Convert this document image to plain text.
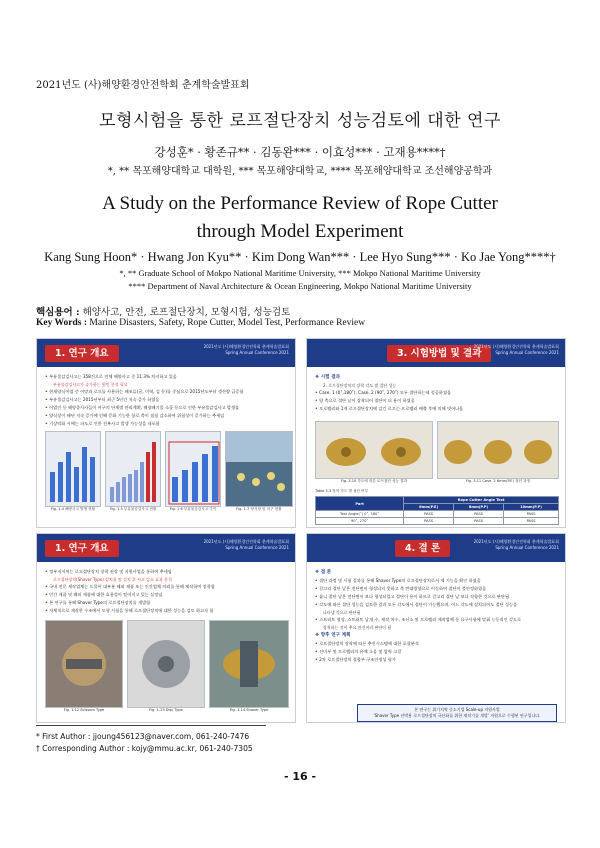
2021년도 (사)해양환경안전학회 춘계학술발표회
모형시험을 통한 로프절단장치 성능검토에 대한 연구
강성훈* · 황존규** · 김동완*** · 이효성*** · 고재용****†
*, ** 목포해양대학교 대학원, *** 목포해양대학교, **** 목포해양대학교 조선해양공학과
A Study on the Performance Review of Rope Cutter
through Model Experiment
Kang Sung Hoon* · Hwang Jon Kyu** · Kim Dong Wan*** · Lee Hyo Sung*** · Ko Jae Yong****†
*, ** Graduate School of Mokpo National Maritime University, *** Mokpo National Maritime University
**** Department of Naval Architecture & Ocean Engineering, Mokpo National Maritime University
핵심용어 : 해양사고, 안전, 로프절단장치, 모형시험, 성능검토
Key Words : Marine Disasters, Safety, Rope Cutter, Model Test, Performance Review
1. 연구 개요
2021년도 (사)해양환경안전학회 춘계학술발표회
Spring Annual Conference 2021
• 부유물감김사고는 358건으로 전체 해양사고 중 11.3% 차지하고 있음
부유물감김사고가 증가하는 원인 분석 필요
• 현재양식어업 중 어망과 로프를 사용하는 해조류(굴, 미역, 김 등)를 중심으로 2015년도부터 생산량 급증함
• 부유물감김사고는 2015년부터 최근 5년간 지속 증가 하였음
• 어업인 등 해양종사자들이 어구의 단계별 관리계획, 해양폐기물 소홀 등으로 인한 부유물감김사고 발생률
• 양식장이 해년 지속 증가에 인해 문화 기능한 항로 축이 점점 감소하여 위험성이 증가하는 추세임
• 기상악화 시에는 파도로 인한 전복사고 발생 가능성을 내포함
Fig. 1.4 해양사고 발생 현황	Fig. 1.5 부유물감김사고 현황	Fig. 1.6 부유물감김사고 추이	Fig. 1.7 양식장 및 어구 현황
3. 시험방법 및 결과
2021년도 (사)해양환경안전학회 춘계학술발표회
Spring Annual Conference 2021
❖ 시험 결과
2. 로프절단장치의 장착 각도 별 절단 성능
• Case. 1 (0˚,180˚), Case. 2 (90˚, 270˚) 모두 절단하는데 성공하였음
• 양 축으로 절단 날이 장착되어 절단이 더 용이 하였음
• 프로펠러와 1개 로프절단장치에 감긴 로프는 프로펠러 배출 후에 의해 빗어나옴
Fig. 3.10 각도에 따른 로프절단 성능 결과	Fig. 3.11 Case. 2 6mm(P.E) 절단 과정
Table 3.3 장착 각도 별 절단 여부
Part	Rope Cutter Angle Test		
	6mm(P.E)	8mm(P.P)	10mm(P.P)
Test Angle(˚) 0˚, 180˚	PASS	PASS	PASS
90˚, 270˚	PASS	PASS	PASS
1. 연구 개요
2021년도 (사)해양환경안전학회 춘계학술발표회
Spring Annual Conference 2021
• 정부지지처는 로프절단장치 장착 권장 및 지원사업을 통하여 추세임
로프절단장치(Shaver Type) 설치율 및 설치 후 사고 감소 효과 분석
• 국내 전문 제작업체는 드물어 대부분 해외 제품 또는 인간업체 의뢰를 통해 제작하여 장착함
• 민간 제품 및 해외 제품에 대한 효용성이 떨어지고 있는 실정임
• 본 연구를 통해 Shaver Type의 로프절단장치를 개발함
• 자체적으로 제작한 수조에서 모형 시험을 통해 로프절단장치에 대한 성능을 검토 하고자 함
Fig. 1.12 Scissors Type	Fig. 1.13 Disc Type	Fig. 1.14 Shaver Type
4. 결 론
2021년도 (사)해양환경안전학회 춘계학술발표회
Spring Annual Conference 2021
❖ 결 론
• 절단 과정 및 시험 결과를 통해 Shaver Type의 로프절단장치로서 제 기능을 확인 하였음
• 갈고리 절단 날은 전단면이 형성되지 못하고 축 반대방향으로 이동하여 절단이 불안정하였음
• 톱니 절단 날은 전단면이 보다 형성되었고 절단이 용이 하므로 갈고리 절단 날 보다 적합한 것으로 판단됨
• 각도에 따른 절단 성능을 검토한 결과 모든 각도에서 절단이 가능했으며, 어느 각도에 설치되어도 절단 성능을
나타낼 것으로 판단됨
• 스트러트 형상, 스트러트 날개 수, 제작 치수, 조선소 및 프로펠러 제작업체 등 요구사항에 맞춰 능동적인 각도로
장착하는 것이 추요 관건이라 판단이 됨
❖ 향후 연구 계획
• 로프절단장치 장착에 따른 추진시스템에 대한 포괄분석
• 선미부 및 프로펠러의 유체 소음 및 압력 고찰
• 2차 로프절단장치 절합부 구조안정성 평가
본 연구는 위기지역 중소기업 Scale-up 지원사업
'Shaver Type 선박용 로프절단장치 국산화를 위한 제작기술 개발' 지원으로 수행된 연구입니다.
* First Author : jjoung456123@naver.com, 061-240-7476
† Corresponding Author : kojy@mmu.ac.kr, 061-240-7305
- 16 -
